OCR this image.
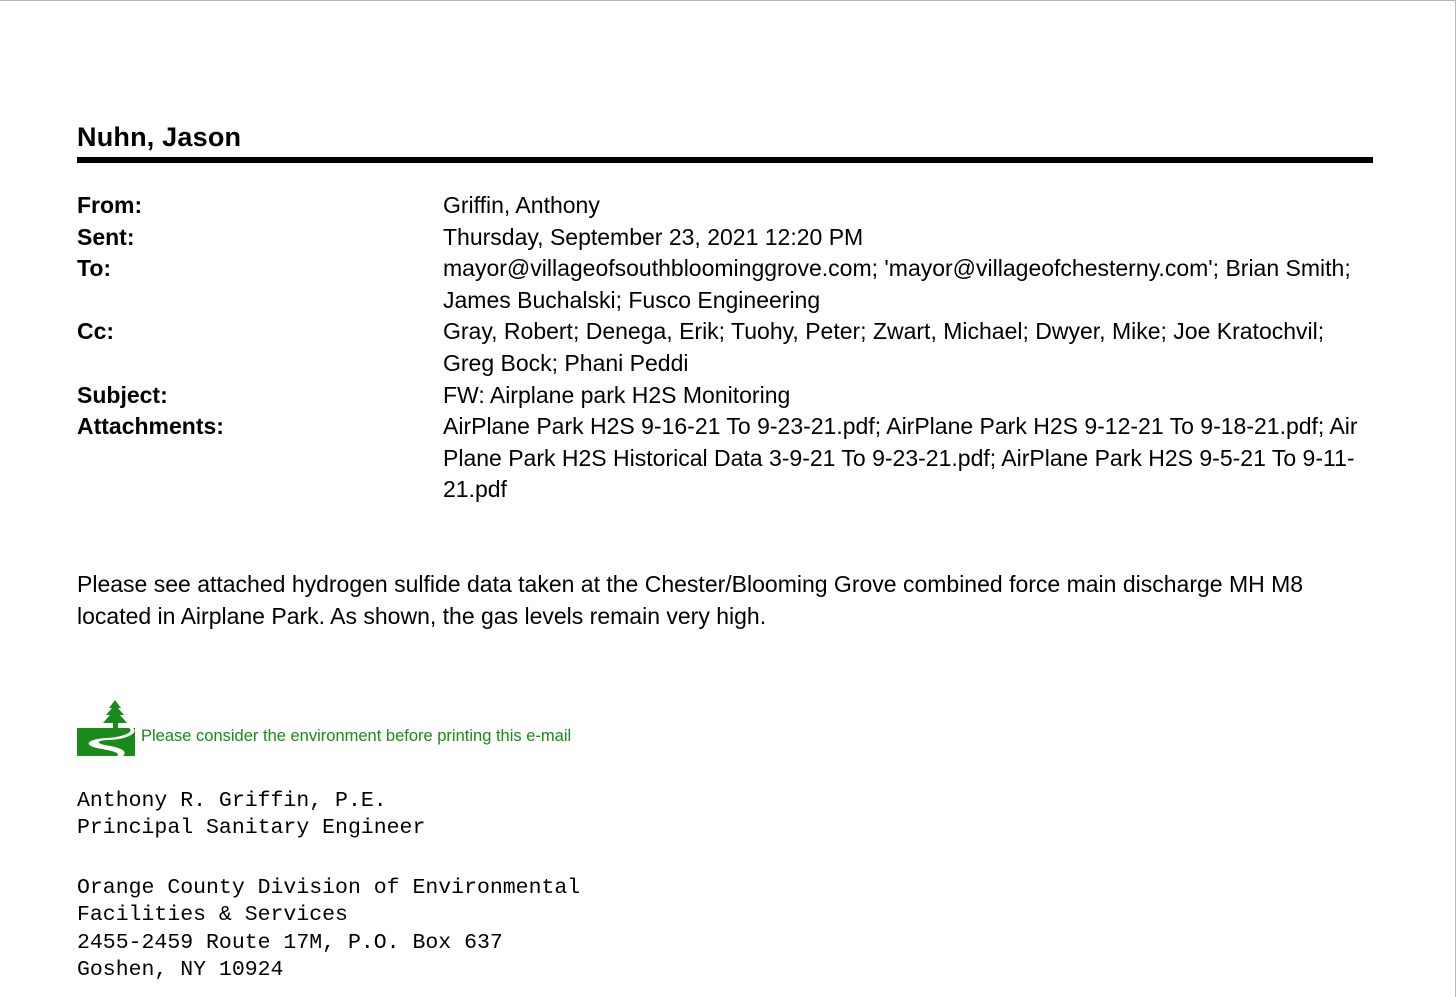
Nuhn, Jason
From:	Griffin, Anthony
Sent:	Thursday, September 23, 2021 12:20 PM
To:	mayor@villageofsouthbloominggrove.com; 'mayor@villageofchesterny.com'; Brian Smith; James Buchalski; Fusco Engineering
Cc:	Gray, Robert; Denega, Erik; Tuohy, Peter; Zwart, Michael; Dwyer, Mike; Joe Kratochvil; Greg Bock; Phani Peddi
Subject:	FW: Airplane park H2S Monitoring
Attachments:	AirPlane Park H2S 9-16-21 To 9-23-21.pdf; AirPlane Park H2S 9-12-21 To 9-18-21.pdf; Air Plane Park H2S Historical Data 3-9-21 To 9-23-21.pdf; AirPlane Park H2S 9-5-21 To 9-11-21.pdf
Please see attached hydrogen sulfide data taken at the Chester/Blooming Grove combined force main discharge MH M8 located in Airplane Park. As shown, the gas levels remain very high.
Please consider the environment before printing this e-mail
Anthony R. Griffin, P.E.
Principal Sanitary Engineer
Orange County Division of Environmental
Facilities & Services
2455-2459 Route 17M, P.O. Box 637
Goshen, NY 10924
